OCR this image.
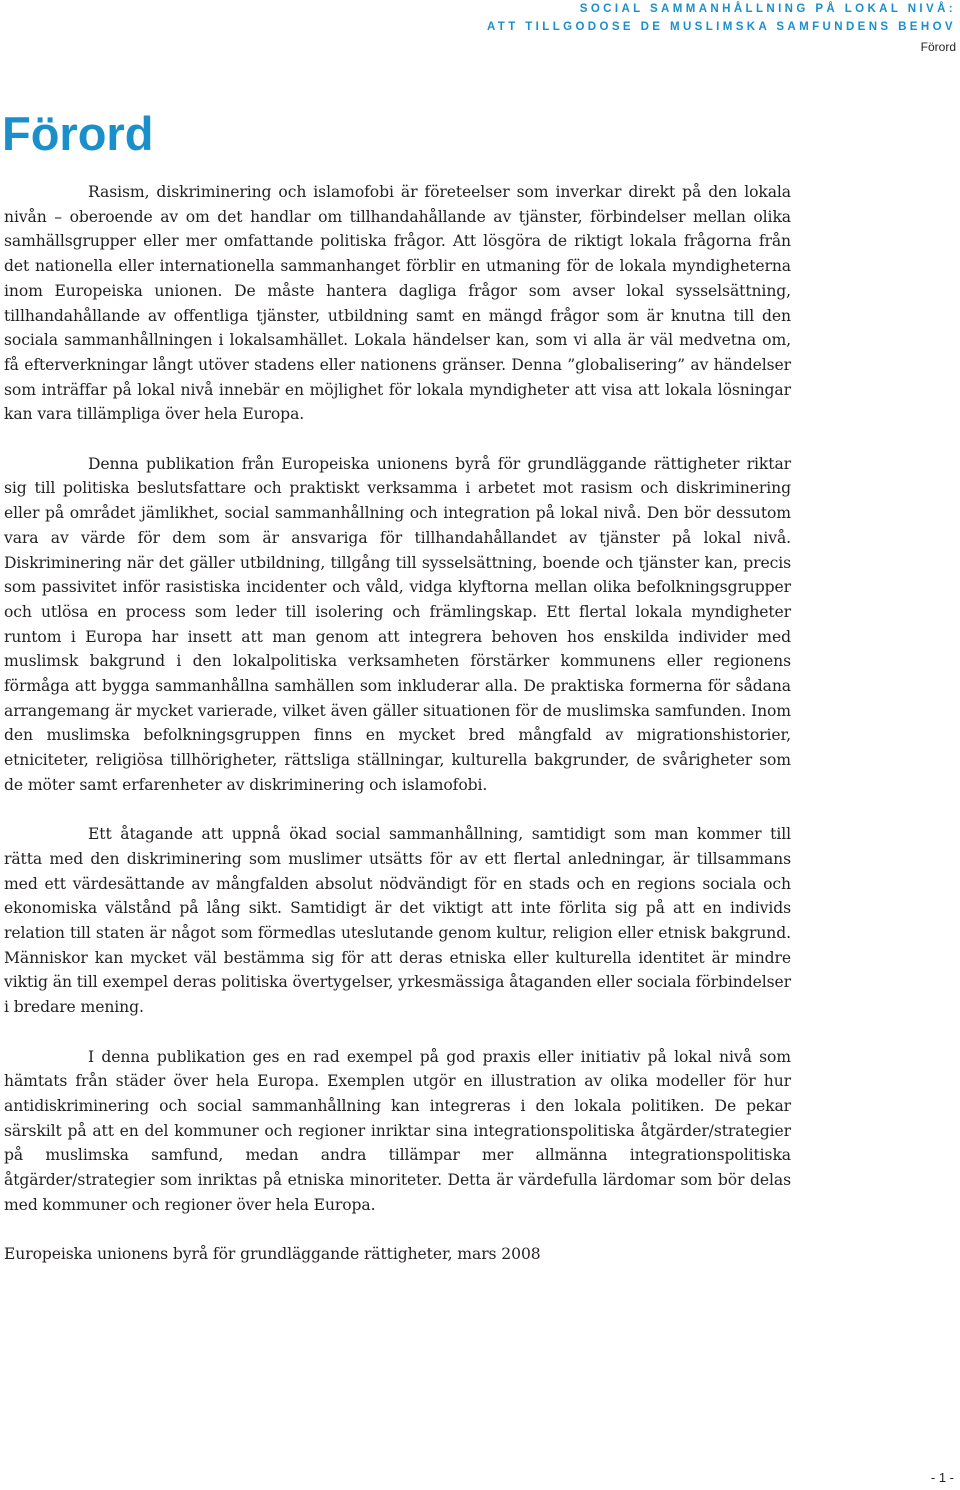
SOCIAL SAMMANHÅLLNING PÅ LOKAL NIVÅ:
ATT TILLGODOSE DE MUSLIMSKA SAMFUNDENS BEHOV
Förord
Förord

Rasism, diskriminering och islamofobi är företeelser som inverkar direkt på den lokala nivån – oberoende av om det handlar om tillhandahållande av tjänster, förbindelser mellan olika samhällsgrupper eller mer omfattande politiska frågor. Att lösgöra de riktigt lokala frågorna från det nationella eller internationella sammanhanget förblir en utmaning för de lokala myndigheterna inom Europeiska unionen. De måste hantera dagliga frågor som avser lokal sysselsättning, tillhandahållande av offentliga tjänster, utbildning samt en mängd frågor som är knutna till den sociala sammanhållningen i lokalsamhället. Lokala händelser kan, som vi alla är väl medvetna om, få efterverkningar långt utöver stadens eller nationens gränser. Denna ”globalisering” av händelser som inträffar på lokal nivå innebär en möjlighet för lokala myndigheter att visa att lokala lösningar kan vara tillämpliga över hela Europa.

Denna publikation från Europeiska unionens byrå för grundläggande rättigheter riktar sig till politiska beslutsfattare och praktiskt verksamma i arbetet mot rasism och diskriminering eller på området jämlikhet, social sammanhållning och integration på lokal nivå. Den bör dessutom vara av värde för dem som är ansvariga för tillhandahållandet av tjänster på lokal nivå. Diskriminering när det gäller utbildning, tillgång till sysselsättning, boende och tjänster kan, precis som passivitet inför rasistiska incidenter och våld, vidga klyftorna mellan olika befolkningsgrupper och utlösa en process som leder till isolering och främlingskap. Ett flertal lokala myndigheter runtom i Europa har insett att man genom att integrera behoven hos enskilda individer med muslimsk bakgrund i den lokalpolitiska verksamheten förstärker kommunens eller regionens förmåga att bygga sammanhållna samhällen som inkluderar alla. De praktiska formerna för sådana arrangemang är mycket varierade, vilket även gäller situationen för de muslimska samfunden. Inom den muslimska befolkningsgruppen finns en mycket bred mångfald av migrationshistorier, etniciteter, religiösa tillhörigheter, rättsliga ställningar, kulturella bakgrunder, de svårigheter som de möter samt erfarenheter av diskriminering och islamofobi.

Ett åtagande att uppnå ökad social sammanhållning, samtidigt som man kommer till rätta med den diskriminering som muslimer utsätts för av ett flertal anledningar, är tillsammans med ett värdesättande av mångfalden absolut nödvändigt för en stads och en regions sociala och ekonomiska välstånd på lång sikt. Samtidigt är det viktigt att inte förlita sig på att en individs relation till staten är något som förmedlas uteslutande genom kultur, religion eller etnisk bakgrund. Människor kan mycket väl bestämma sig för att deras etniska eller kulturella identitet är mindre viktig än till exempel deras politiska övertygelser, yrkesmässiga åtaganden eller sociala förbindelser i bredare mening.

I denna publikation ges en rad exempel på god praxis eller initiativ på lokal nivå som hämtats från städer över hela Europa. Exemplen utgör en illustration av olika modeller för hur antidiskriminering och social sammanhållning kan integreras i den lokala politiken. De pekar särskilt på att en del kommuner och regioner inriktar sina integrationspolitiska åtgärder/strategier på muslimska samfund, medan andra tillämpar mer allmänna integrationspolitiska åtgärder/strategier som inriktas på etniska minoriteter. Detta är värdefulla lärdomar som bör delas med kommuner och regioner över hela Europa.

Europeiska unionens byrå för grundläggande rättigheter, mars 2008

- 1 -
